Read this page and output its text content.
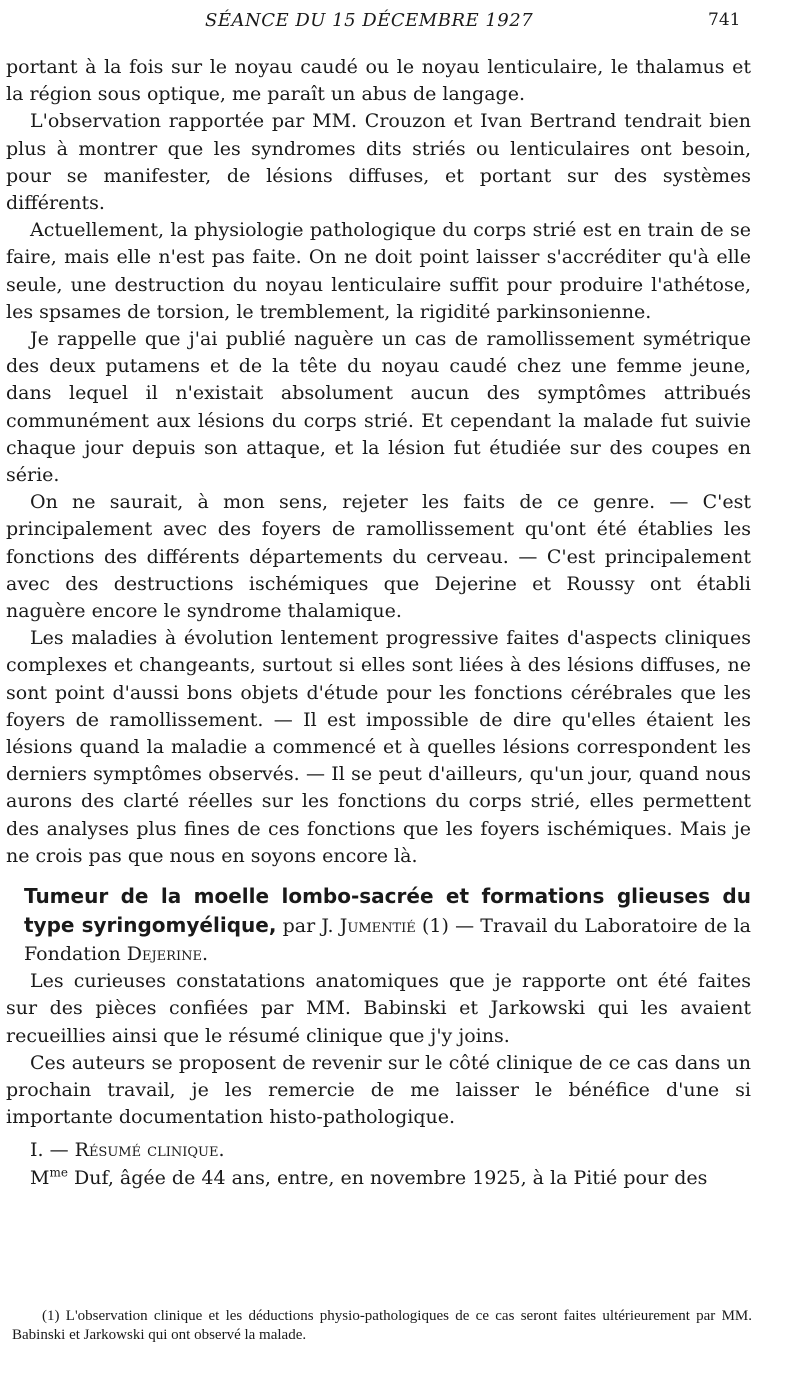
SÉANCE DU 15 DÉCEMBRE 1927	741

portant à la fois sur le noyau caudé ou le noyau lenticulaire, le thalamus et la région sous optique, me paraît un abus de langage.

L'observation rapportée par MM. Crouzon et Ivan Bertrand tendrait bien plus à montrer que les syndromes dits striés ou lenticulaires ont besoin, pour se manifester, de lésions diffuses, et portant sur des systèmes différents.

Actuellement, la physiologie pathologique du corps strié est en train de se faire, mais elle n'est pas faite. On ne doit point laisser s'accréditer qu'à elle seule, une destruction du noyau lenticulaire suffit pour produire l'athétose, les spsames de torsion, le tremblement, la rigidité parkinsonienne.

Je rappelle que j'ai publié naguère un cas de ramollissement symétrique des deux putamens et de la tête du noyau caudé chez une femme jeune, dans lequel il n'existait absolument aucun des symptômes attribués communément aux lésions du corps strié. Et cependant la malade fut suivie chaque jour depuis son attaque, et la lésion fut étudiée sur des coupes en série.

On ne saurait, à mon sens, rejeter les faits de ce genre. — C'est principalement avec des foyers de ramollissement qu'ont été établies les fonctions des différents départements du cerveau. — C'est principalement avec des destructions ischémiques que Dejerine et Roussy ont établi naguère encore le syndrome thalamique.

Les maladies à évolution lentement progressive faites d'aspects cliniques complexes et changeants, surtout si elles sont liées à des lésions diffuses, ne sont point d'aussi bons objets d'étude pour les fonctions cérébrales que les foyers de ramollissement. — Il est impossible de dire qu'elles étaient les lésions quand la maladie a commencé et à quelles lésions correspondent les derniers symptômes observés. — Il se peut d'ailleurs, qu'un jour, quand nous aurons des clarté réelles sur les fonctions du corps strié, elles permettent des analyses plus fines de ces fonctions que les foyers ischémiques. Mais je ne crois pas que nous en soyons encore là.

Tumeur de la moelle lombo-sacrée et formations glieuses du type syringomyélique, par J. Jumentié (1) — Travail du Laboratoire de la Fondation Dejerine.

Les curieuses constatations anatomiques que je rapporte ont été faites sur des pièces confiées par MM. Babinski et Jarkowski qui les avaient recueillies ainsi que le résumé clinique que j'y joins.

Ces auteurs se proposent de revenir sur le côté clinique de ce cas dans un prochain travail, je les remercie de me laisser le bénéfice d'une si importante documentation histo-pathologique.

I. — Résumé clinique.

$M^{me}$ Duf, âgée de 44 ans, entre, en novembre 1925, à la Pitié pour des

(1) L'observation clinique et les déductions physio-pathologiques de ce cas seront faites ultérieurement par MM. Babinski et Jarkowski qui ont observé la malade.
